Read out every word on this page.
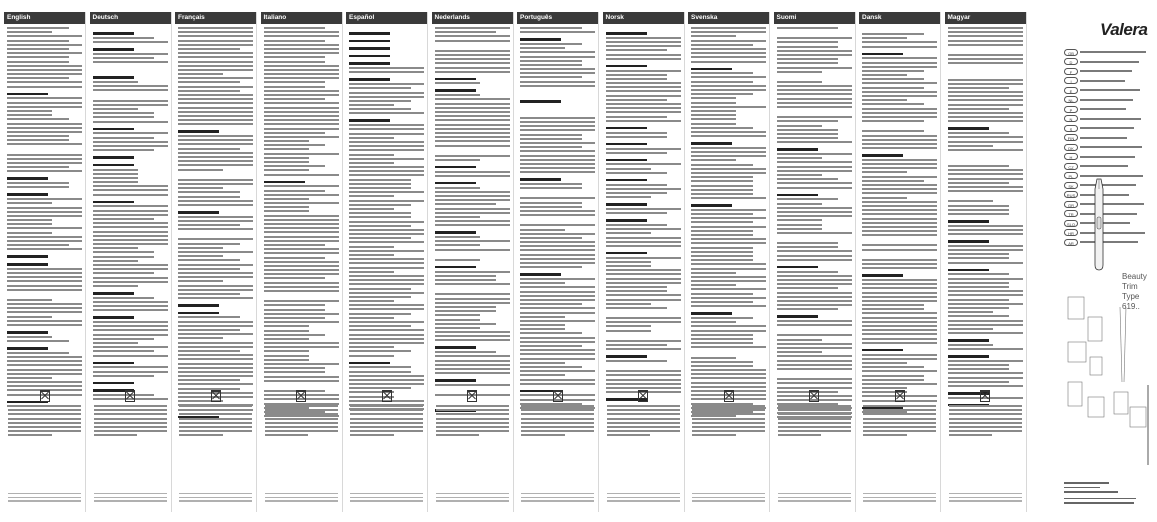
English	Deutsch	Français	Italiano	Español	Nederlands	Português	Norsk	Svenska	Suomi	Dansk	Magyar
Valera
GB
D
F
I
E
NL
P
N
S
FIN
DK
H
CZ
PL
SK
RUS
GR
TR
SLO
HR
AR
Beauty Trim
Type 619..
